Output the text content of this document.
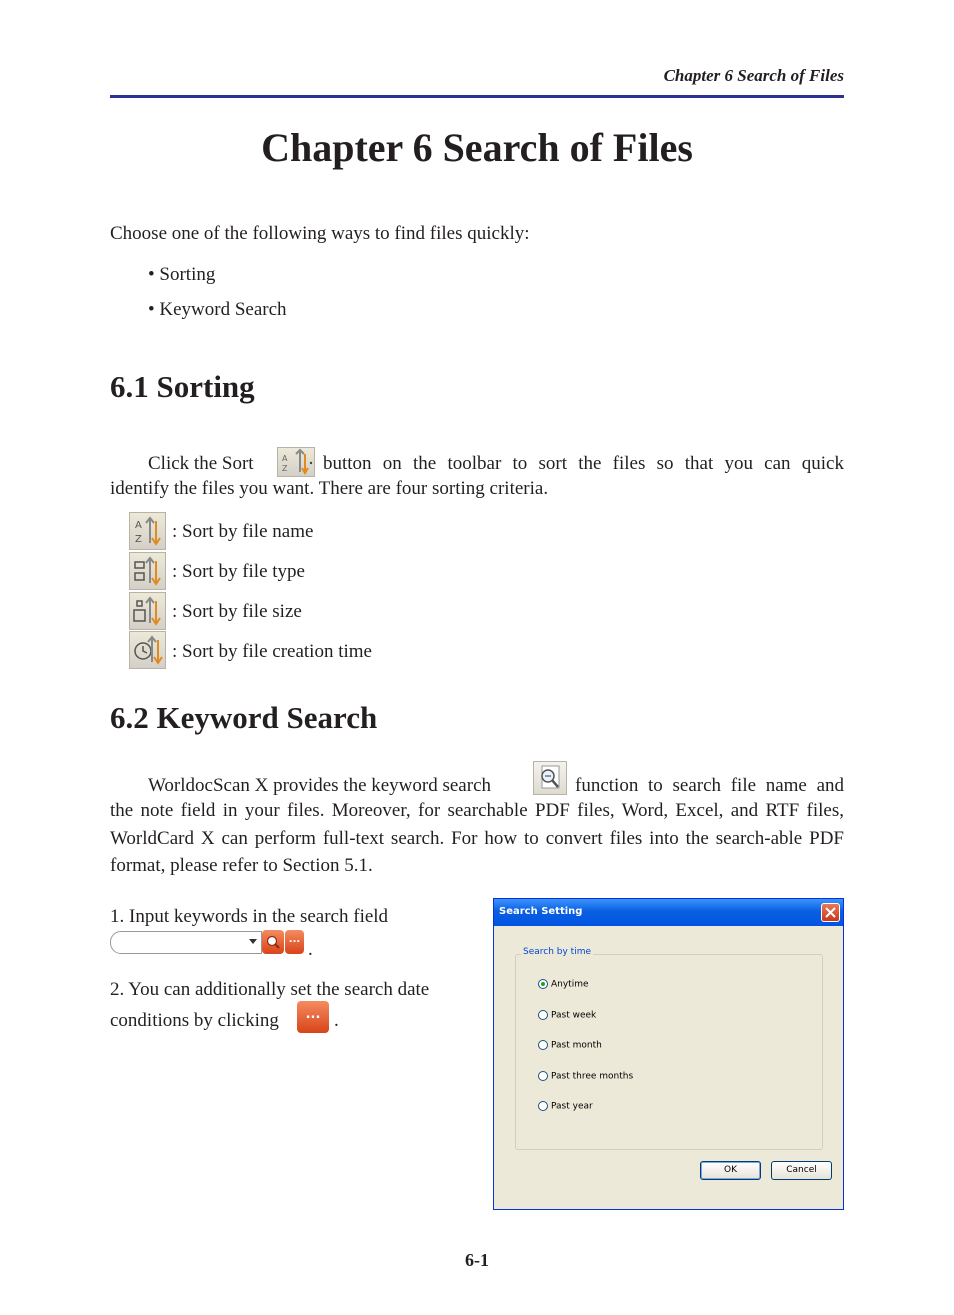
Chapter 6 Search of Files
Chapter 6 Search of Files
Choose one of the following ways to find files quickly:
• Sorting
• Keyword Search
6.1 Sorting
Click the Sort	A
Z button on the toolbar to sort the files so that you can quick
identify the files you want. There are four sorting criteria.
A
Z : Sort by file name
: Sort by file type
: Sort by file size
: Sort by file creation time
6.2 Keyword Search
WorldocScan X provides the keyword search	function to search file name and
the note field in your files. Moreover, for searchable PDF files, Word, Excel, and RTF files, WorldCard X can perform full-text search. For how to convert files into the search-able PDF format, please refer to Section 5.1.
1. Input keywords in the search field
... .
2. You can additionally set the search date
conditions by clicking	... .
Search Setting
Search by time
Anytime
Past week
Past month
Past three months
Past year
OK	Cancel
6-1
